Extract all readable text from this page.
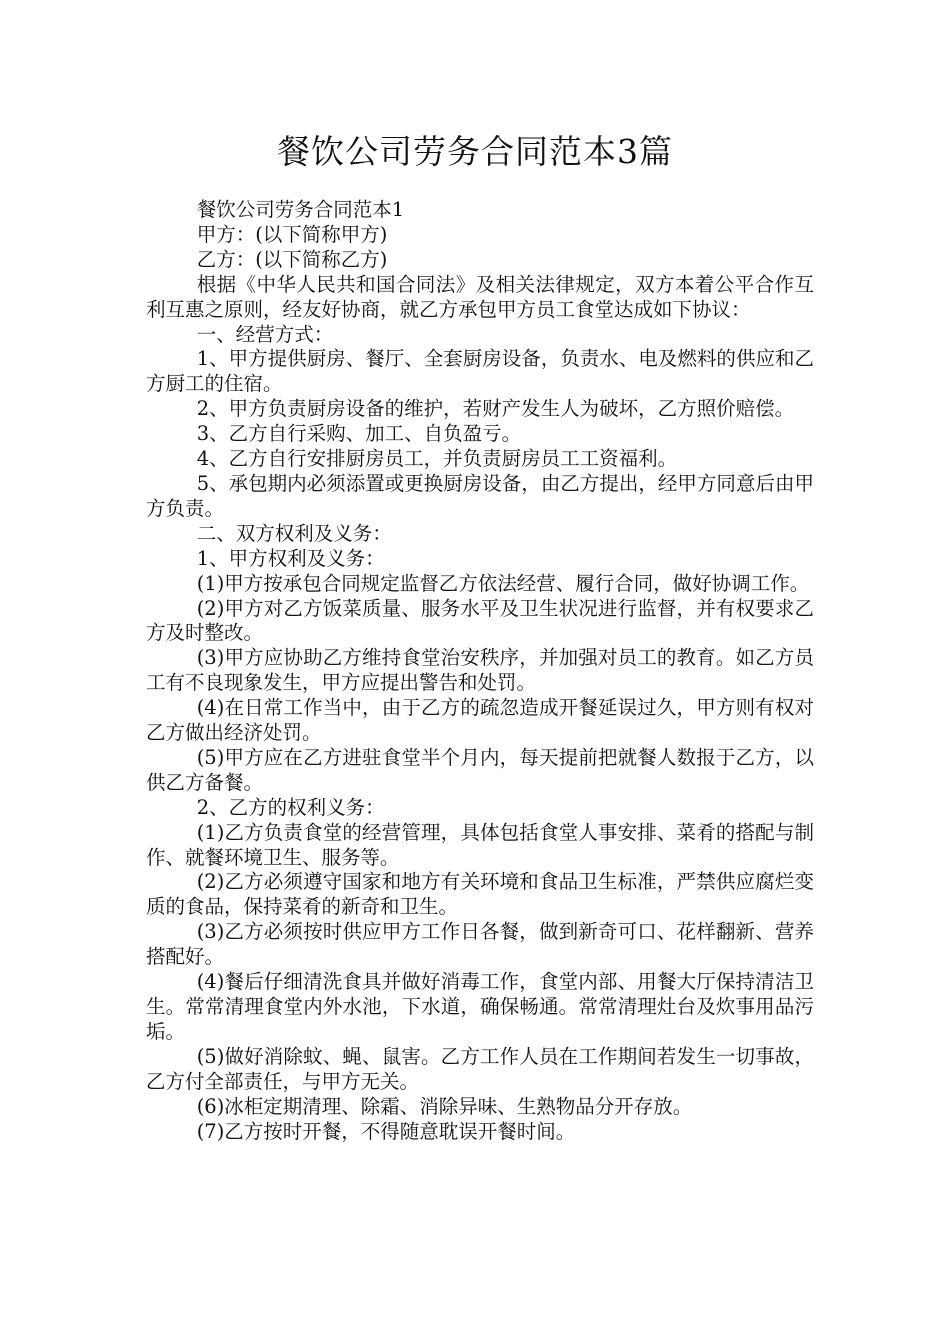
餐饮公司劳务合同范本3篇

餐饮公司劳务合同范本1

甲方：(以下简称甲方)

乙方：(以下简称乙方)

根据《中华人民共和国合同法》及相关法律规定，双方本着公平合作互利互惠之原则，经友好协商，就乙方承包甲方员工食堂达成如下协议：

一、经营方式：

1、甲方提供厨房、餐厅、全套厨房设备，负责水、电及燃料的供应和乙方厨工的住宿。

2、甲方负责厨房设备的维护，若财产发生人为破坏，乙方照价赔偿。

3、乙方自行采购、加工、自负盈亏。

4、乙方自行安排厨房员工，并负责厨房员工工资福利。

5、承包期内必须添置或更换厨房设备，由乙方提出，经甲方同意后由甲方负责。

二、双方权利及义务：

1、甲方权利及义务：

(1)甲方按承包合同规定监督乙方依法经营、履行合同，做好协调工作。

(2)甲方对乙方饭菜质量、服务水平及卫生状况进行监督，并有权要求乙方及时整改。

(3)甲方应协助乙方维持食堂治安秩序，并加强对员工的教育。如乙方员工有不良现象发生，甲方应提出警告和处罚。

(4)在日常工作当中，由于乙方的疏忽造成开餐延误过久，甲方则有权对乙方做出经济处罚。

(5)甲方应在乙方进驻食堂半个月内，每天提前把就餐人数报于乙方，以供乙方备餐。

2、乙方的权利义务：

(1)乙方负责食堂的经营管理，具体包括食堂人事安排、菜肴的搭配与制作、就餐环境卫生、服务等。

(2)乙方必须遵守国家和地方有关环境和食品卫生标准，严禁供应腐烂变质的食品，保持菜肴的新奇和卫生。

(3)乙方必须按时供应甲方工作日各餐，做到新奇可口、花样翻新、营养搭配好。

(4)餐后仔细清洗食具并做好消毒工作，食堂内部、用餐大厅保持清洁卫生。常常清理食堂内外水池，下水道，确保畅通。常常清理灶台及炊事用品污垢。

(5)做好消除蚊、蝇、鼠害。乙方工作人员在工作期间若发生一切事故，乙方付全部责任，与甲方无关。

(6)冰柜定期清理、除霜、消除异味、生熟物品分开存放。

(7)乙方按时开餐，不得随意耽误开餐时间。
